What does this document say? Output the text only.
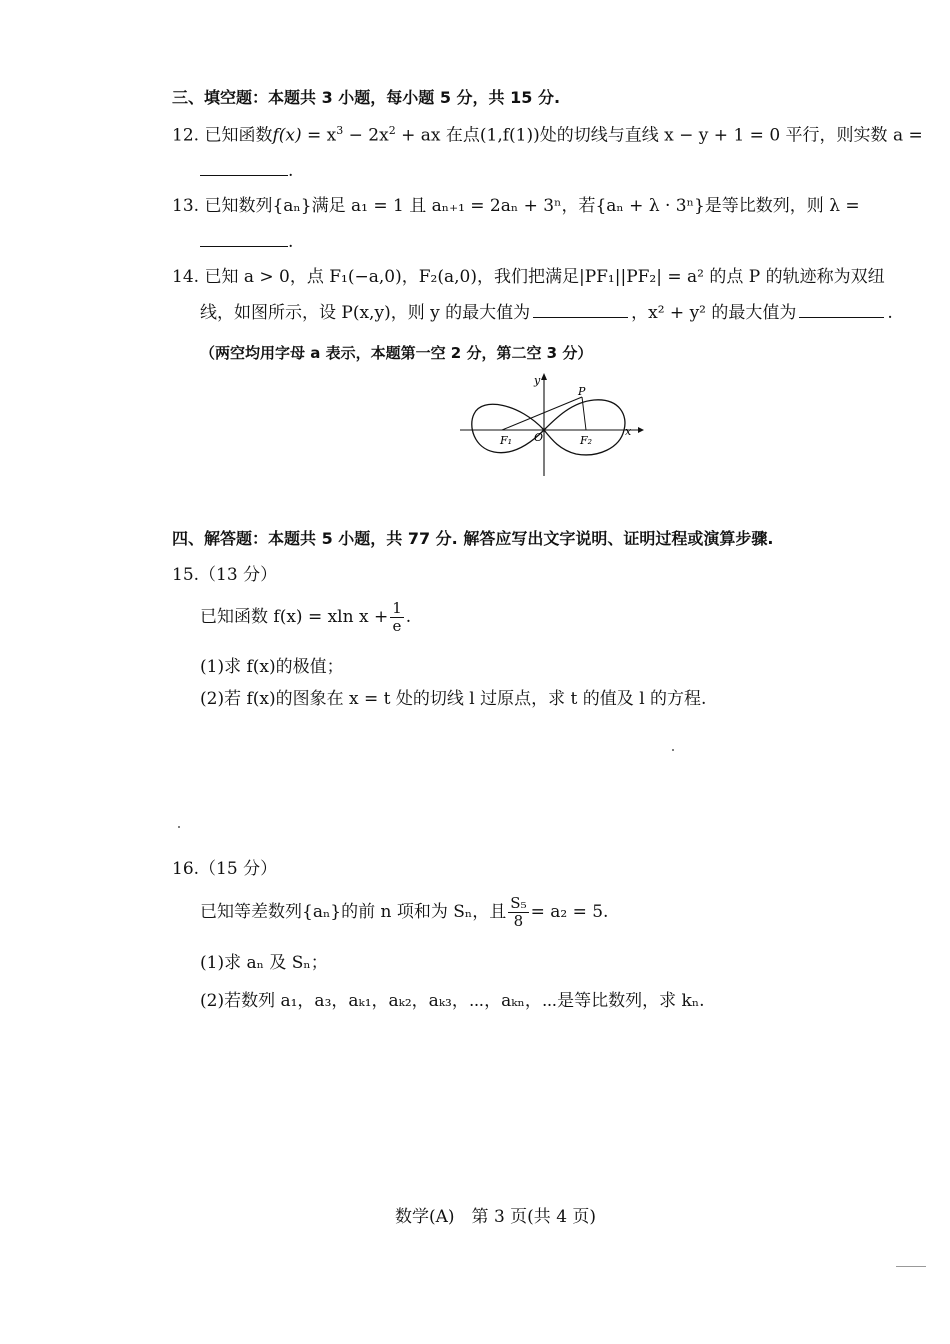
三、填空题：本题共 3 小题，每小题 5 分，共 15 分.
12. 已知函数$f(x) = x^3 - 2x^2$ + ax 在点(1,f(1))处的切线与直线 x − y + 1 = 0 平行，则实数 a =
.
13. 已知数列{aₙ}满足 a₁ = 1 且 aₙ₊₁ = 2aₙ + 3ⁿ，若{aₙ + λ · 3ⁿ}是等比数列，则 λ =
.
14. 已知 a > 0，点 F₁(−a,0)，F₂(a,0)，我们把满足|PF₁||PF₂| = a² 的点 P 的轨迹称为双纽
线，如图所示，设 P(x,y)，则 y 的最大值为	，x² + y² 的最大值为	.
（两空均用字母 a 表示，本题第一空 2 分，第二空 3 分）
y
x
P
F₁ O	F₂
四、解答题：本题共 5 小题，共 77 分. 解答应写出文字说明、证明过程或演算步骤.
15.（13 分）
已知函数 f(x) = xln $x + \frac{1}{e}$ .
(1)求 f(x)的极值；
(2)若 f(x)的图象在 x = t 处的切线 l 过原点，求 t 的值及 l 的方程.
16.（15 分）
已知等差数列{aₙ}的前 n 项和为 Sₙ，且 $\frac{\text{S₅}}{8} = a_2 = 5$.
(1)求 aₙ 及 Sₙ；
(2)若数列 a₁，a₃，aₖ₁，aₖ₂，aₖ₃，⋯，aₖₙ，⋯是等比数列，求 kₙ.
数学(A)　第 3 页(共 4 页)
